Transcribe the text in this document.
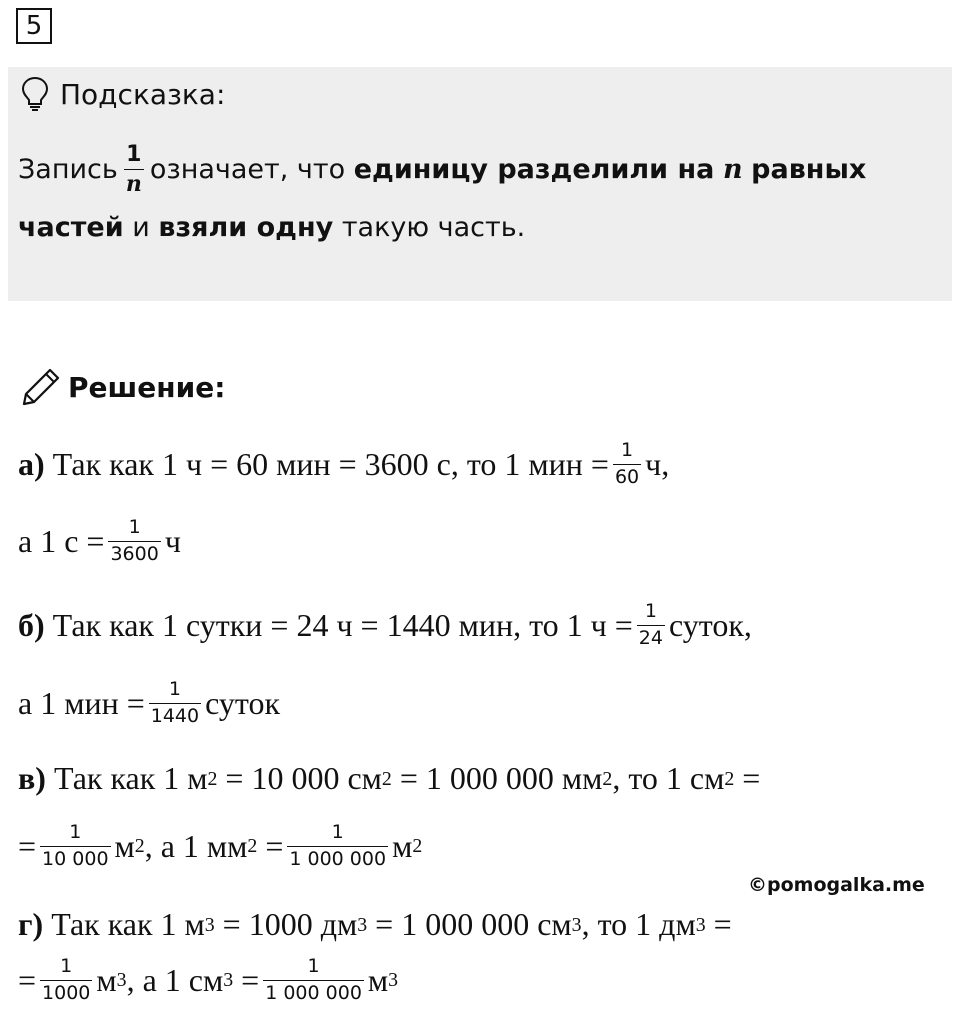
5
Подсказка:
Запись $\frac{1}{n}$ означает, что
единицу разделили на
n
равных
частей
и
взяли одну
такую часть.
Решение:
а)
Так как 1 ч = 60 мин = 3600 с, то 1 мин = $\frac{1}{60} ч$,
а 1 $с = \frac{1}{3600}$ ч
б)
Так как 1 сутки = 24 ч = 1440 мин, то 1 $ч = \frac{1}{24}$ суток,
а 1 мин = $\frac{1}{1440}$ суток
в)
Так как 1 м 2 = 10 000 см 2 = 1 000 000 мм 2 , то 1 см 2 =
= $\frac{1}{10 000}$ м 2 , а 1 мм $2 = \frac{1}{1 000 000}$ м 2
©pomogalka.me
г)
Так как 1 м 3 = 1000 дм 3 = 1 000 000 см 3 , то 1 дм 3 =
= $\frac{1}{1000}$ м 3 , а 1 см $3 = \frac{1}{1 000 000}$ м 3
